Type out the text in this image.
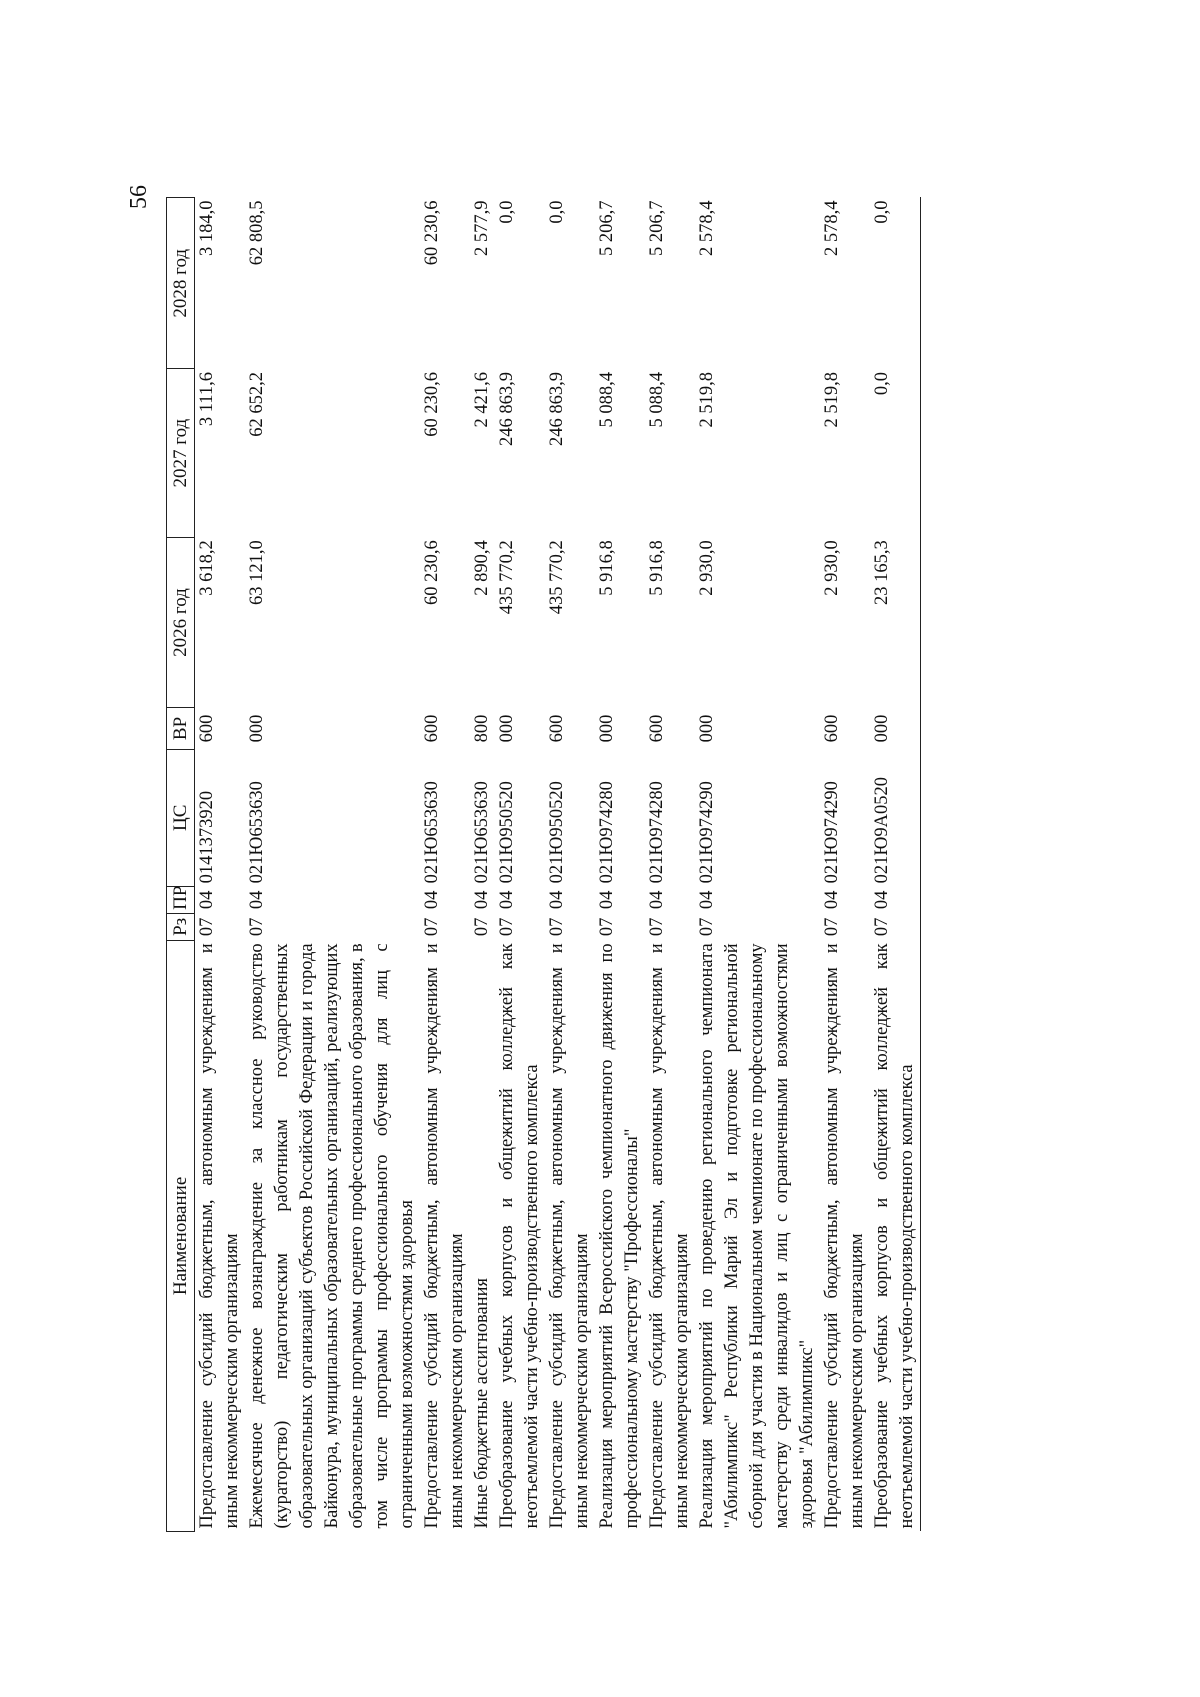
56
Наименование	Рз	ПР	ЦС	ВР	2026 год	2027 год	2028 год
Предоставление субсидий бюджетным, автономным учреждениям и иным некоммерческим организациям	07	04	0141373920	600	3 618,2	3 111,6	3 184,0
Ежемесячное денежное вознаграждение за классное руководство (кураторство) педагогическим работникам государственных образовательных организаций субъектов Российской Федерации и города Байконура, муниципальных образовательных организаций, реализующих образовательные программы среднего профессионального образования, в том числе программы профессионального обучения для лиц с ограниченными возможностями здоровья	07	04	021Ю653630	000	63 121,0	62 652,2	62 808,5
Предоставление субсидий бюджетным, автономным учреждениям и иным некоммерческим организациям	07	04	021Ю653630	600	60 230,6	60 230,6	60 230,6
Иные бюджетные ассигнования	07	04	021Ю653630	800	2 890,4	2 421,6	2 577,9
Преобразование учебных корпусов и общежитий колледжей как неотъемлемой части учебно-производственного комплекса	07	04	021Ю950520	000	435 770,2	246 863,9	0,0
Предоставление субсидий бюджетным, автономным учреждениям и иным некоммерческим организациям	07	04	021Ю950520	600	435 770,2	246 863,9	0,0
Реализация мероприятий Всероссийского чемпионатного движения по профессиональному мастерству "Профессионалы"	07	04	021Ю974280	000	5 916,8	5 088,4	5 206,7
Предоставление субсидий бюджетным, автономным учреждениям и иным некоммерческим организациям	07	04	021Ю974280	600	5 916,8	5 088,4	5 206,7
Реализация мероприятий по проведению регионального чемпионата "Абилимпикс" Республики Марий Эл и подготовке региональной сборной для участия в Национальном чемпионате по профессиональному мастерству среди инвалидов и лиц с ограниченными возможностями здоровья "Абилимпикс"	07	04	021Ю974290	000	2 930,0	2 519,8	2 578,4
Предоставление субсидий бюджетным, автономным учреждениям и иным некоммерческим организациям	07	04	021Ю974290	600	2 930,0	2 519,8	2 578,4
Преобразование учебных корпусов и общежитий колледжей как неотъемлемой части учебно-производственного комплекса	07	04	021Ю9А0520	000	23 165,3	0,0	0,0
